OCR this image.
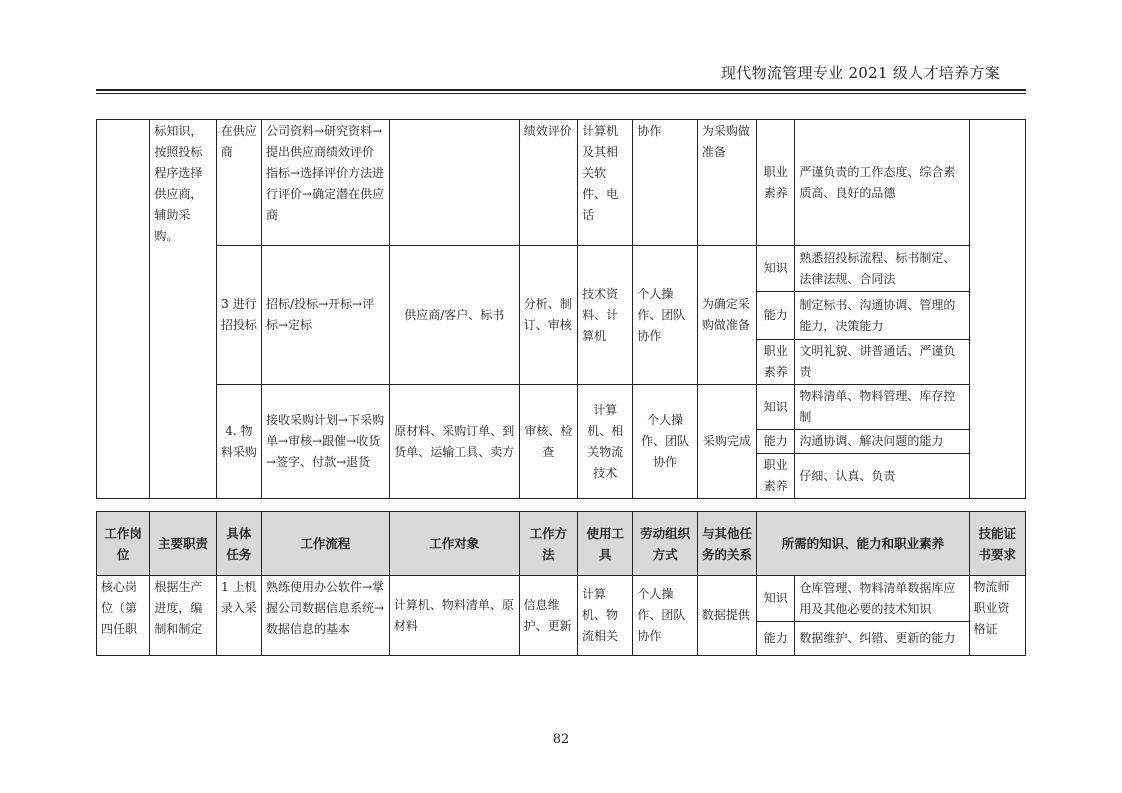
现代物流管理专业 2021 级人才培养方案
	标知识，按照投标程序选择供应商，辅助采购。	在供应商	公司资料→研究资料→提出供应商绩效评价指标→选择评价方法进行评价→确定潜在供应商		绩效评价	计算机及其相关软件、电话	协作	为采购做准备	职业素养	严谨负责的工作态度、综合素质高、良好的品德	
		3 进行招投标	招标/投标→开标→评标→定标	供应商/客户、标书	分析、制订、审核	技术资料、计算机	个人操作、团队协作	为确定采购做准备	知识	熟悉招投标流程、标书制定、法律法规、合同法	
									能力	制定标书、沟通协调、管理的能力，决策能力	
									职业素养	文明礼貌、讲普通话、严谨负责	
		4. 物料采购	接收采购计划→下采购单→审核→跟催→收货→签字、付款→退货	原材料、采购订单、到货单、运输工具、卖方	审核、检查	计算机、相关物流技术	个人操作、团队协作	采购完成	知识	物料清单、物料管理、库存控制	
									能力	沟通协调、解决问题的能力	
									职业素养	仔细、认真、负责	
工作岗位	主要职责	具体任务	工作流程	工作对象	工作方法	使用工具	劳动组织方式	与其他任务的关系	所需的知识、能力和职业素养		技能证书要求
核心岗位（第四任职	根据生产进度，编制和制定	1 上机录入采	熟练使用办公软件→掌握公司数据信息系统→数据信息的基本	计算机、物料清单、原材料	信息维护、更新	计算机、物流相关	个人操作、团队协作	数据提供	知识	仓库管理、物料清单数据库应用及其他必要的技术知识	物流师职业资格证
									能力	数据维护、纠错、更新的能力	
82
